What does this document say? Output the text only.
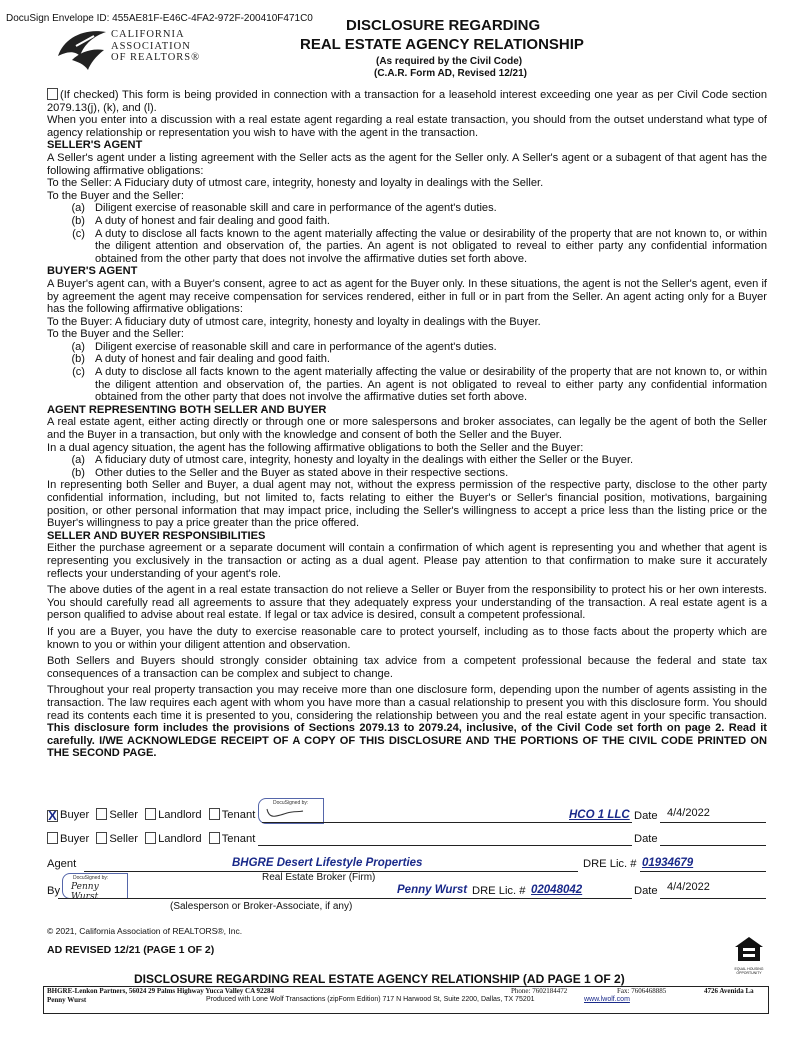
DocuSign Envelope ID: 455AE81F-E46C-4FA2-972F-200410F471C0
CALIFORNIA
ASSOCIATION
OF REALTORS®
DISCLOSURE REGARDING
REAL ESTATE AGENCY RELATIONSHIP
(As required by the Civil Code)
(C.A.R. Form AD, Revised 12/21)

(If checked) This form is being provided in connection with a transaction for a leasehold interest exceeding one year as per Civil Code section 2079.13(j), (k), and (l).

When you enter into a discussion with a real estate agent regarding a real estate transaction, you should from the outset understand what type of agency relationship or representation you wish to have with the agent in the transaction.

SELLER'S AGENT

A Seller's agent under a listing agreement with the Seller acts as the agent for the Seller only. A Seller's agent or a subagent of that agent has the following affirmative obligations:

To the Seller: A Fiduciary duty of utmost care, integrity, honesty and loyalty in dealings with the Seller.

To the Buyer and the Seller:

(a) Diligent exercise of reasonable skill and care in performance of the agent's duties.
(b) A duty of honest and fair dealing and good faith.
(c) A duty to disclose all facts known to the agent materially affecting the value or desirability of the property that are not known to, or within the diligent attention and observation of, the parties. An agent is not obligated to reveal to either party any confidential information obtained from the other party that does not involve the affirmative duties set forth above.
BUYER'S AGENT

A Buyer's agent can, with a Buyer's consent, agree to act as agent for the Buyer only. In these situations, the agent is not the Seller's agent, even if by agreement the agent may receive compensation for services rendered, either in full or in part from the Seller. An agent acting only for a Buyer has the following affirmative obligations:

To the Buyer: A fiduciary duty of utmost care, integrity, honesty and loyalty in dealings with the Buyer.

To the Buyer and the Seller:

(a) Diligent exercise of reasonable skill and care in performance of the agent's duties.
(b) A duty of honest and fair dealing and good faith.
(c) A duty to disclose all facts known to the agent materially affecting the value or desirability of the property that are not known to, or within the diligent attention and observation of, the parties. An agent is not obligated to reveal to either party any confidential information obtained from the other party that does not involve the affirmative duties set forth above.
AGENT REPRESENTING BOTH SELLER AND BUYER

A real estate agent, either acting directly or through one or more salespersons and broker associates, can legally be the agent of both the Seller and the Buyer in a transaction, but only with the knowledge and consent of both the Seller and the Buyer.

In a dual agency situation, the agent has the following affirmative obligations to both the Seller and the Buyer:

(a) A fiduciary duty of utmost care, integrity, honesty and loyalty in the dealings with either the Seller or the Buyer.
(b) Other duties to the Seller and the Buyer as stated above in their respective sections.

In representing both Seller and Buyer, a dual agent may not, without the express permission of the respective party, disclose to the other party confidential information, including, but not limited to, facts relating to either the Buyer's or Seller's financial position, motivations, bargaining position, or other personal information that may impact price, including the Seller's willingness to accept a price less than the listing price or the Buyer's willingness to pay a price greater than the price offered.

SELLER AND BUYER RESPONSIBILITIES

Either the purchase agreement or a separate document will contain a confirmation of which agent is representing you and whether that agent is representing you exclusively in the transaction or acting as a dual agent. Please pay attention to that confirmation to make sure it accurately reflects your understanding of your agent's role.

The above duties of the agent in a real estate transaction do not relieve a Seller or Buyer from the responsibility to protect his or her own interests. You should carefully read all agreements to assure that they adequately express your understanding of the transaction. A real estate agent is a person qualified to advise about real estate. If legal or tax advice is desired, consult a competent professional.

If you are a Buyer, you have the duty to exercise reasonable care to protect yourself, including as to those facts about the property which are known to you or within your diligent attention and observation.

Both Sellers and Buyers should strongly consider obtaining tax advice from a competent professional because the federal and state tax consequences of a transaction can be complex and subject to change.

Throughout your real property transaction you may receive more than one disclosure form, depending upon the number of agents assisting in the transaction. The law requires each agent with whom you have more than a casual relationship to present you with this disclosure form. You should read its contents each time it is presented to you, considering the relationship between you and the real estate agent in your specific transaction. This disclosure form includes the provisions of Sections 2079.13 to 2079.24, inclusive, of the Civil Code set forth on page 2. Read it carefully. I/WE ACKNOWLEDGE RECEIPT OF A COPY OF THIS DISCLOSURE AND THE PORTIONS OF THE CIVIL CODE PRINTED ON THE SECOND PAGE.

X Buyer Seller Landlord Tenant
DocuSigned by:
HCO 1 LLC Date 4/4/2022
Buyer Seller Landlord Tenant	Date
Agent	BHGRE Desert Lifestyle Properties	DRE Lic. # 01934679
Real Estate Broker (Firm)
By
DocuSigned by:
Penny Wurst
Penny Wurst DRE Lic. # 02048042	Date 4/4/2022
(Salesperson or Broker-Associate, if any)
© 2021, California Association of REALTORS®, Inc.
AD REVISED 12/21 (PAGE 1 OF 2)
EQUAL HOUSING OPPORTUNITY
DISCLOSURE REGARDING REAL ESTATE AGENCY RELATIONSHIP (AD PAGE 1 OF 2)
BHGRE-Lenkon Partners, 56024 29 Palms Highway Yucca Valley CA 92284	Phone: 7602184472	Fax: 7606468885	4726 Avenida La
Penny Wurst	Produced with Lone Wolf Transactions (zipForm Edition) 717 N Harwood St, Suite 2200, Dallas, TX 75201	www.lwolf.com
